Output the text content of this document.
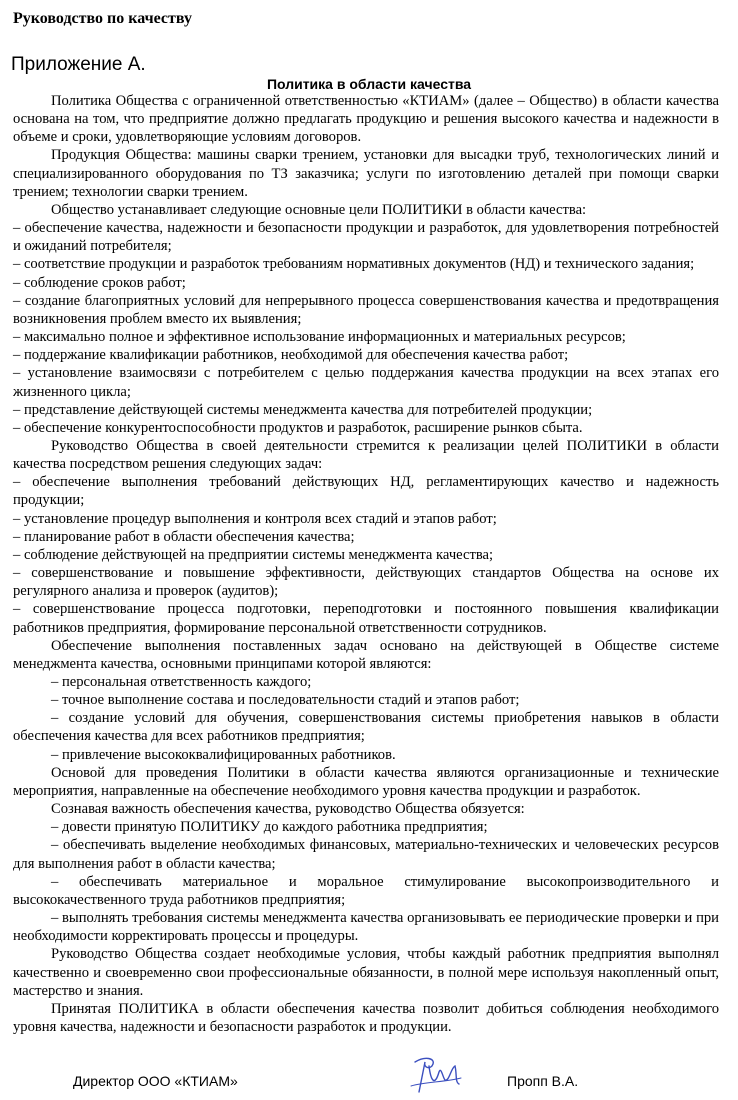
Руководство по качеству
Приложение А.
Политика в области качества

Политика Общества с ограниченной ответственностью «КТИАМ» (далее – Общество) в области качества основана на том, что предприятие должно предлагать продукцию и решения высокого качества и надежности в объеме и сроки, удовлетворяющие условиям договоров.

Продукция Общества: машины сварки трением, установки для высадки труб, технологических линий и специализированного оборудования по ТЗ заказчика; услуги по изготовлению деталей при помощи сварки трением; технологии сварки трением.

Общество устанавливает следующие основные цели ПОЛИТИКИ в области качества:

– обеспечение качества, надежности и безопасности продукции и разработок, для удовлетворения потребностей и ожиданий потребителя;

– соответствие продукции и разработок требованиям нормативных документов (НД) и технического задания;

– соблюдение сроков работ;

– создание благоприятных условий для непрерывного процесса совершенствования качества и предотвращения возникновения проблем вместо их выявления;

– максимально полное и эффективное использование информационных и материальных ресурсов;

– поддержание квалификации работников, необходимой для обеспечения качества работ;

– установление взаимосвязи с потребителем с целью поддержания качества продукции на всех этапах его жизненного цикла;

– представление действующей системы менеджмента качества для потребителей продукции;

– обеспечение конкурентоспособности продуктов и разработок, расширение рынков сбыта.

Руководство Общества в своей деятельности стремится к реализации целей ПОЛИТИКИ в области качества посредством решения следующих задач:

– обеспечение выполнения требований действующих НД, регламентирующих качество и надежность продукции;

– установление процедур выполнения и контроля всех стадий и этапов работ;

– планирование работ в области обеспечения качества;

– соблюдение действующей на предприятии системы менеджмента качества;

– совершенствование и повышение эффективности, действующих стандартов Общества на основе их регулярного анализа и проверок (аудитов);

– совершенствование процесса подготовки, переподготовки и постоянного повышения квалификации работников предприятия, формирование персональной ответственности сотрудников.

Обеспечение выполнения поставленных задач основано на действующей в Обществе системе менеджмента качества, основными принципами которой являются:

– персональная ответственность каждого;

– точное выполнение состава и последовательности стадий и этапов работ;

– создание условий для обучения, совершенствования системы приобретения навыков в области обеспечения качества для всех работников предприятия;

– привлечение высококвалифицированных работников.

Основой для проведения Политики в области качества являются организационные и технические мероприятия, направленные на обеспечение необходимого уровня качества продукции и разработок.

Сознавая важность обеспечения качества, руководство Общества обязуется:

– довести принятую ПОЛИТИКУ до каждого работника предприятия;

– обеспечивать выделение необходимых финансовых, материально-технических и человеческих ресурсов для выполнения работ в области качества;

– обеспечивать материальное и моральное стимулирование высокопроизводительного и высококачественного труда работников предприятия;

– выполнять требования системы менеджмента качества организовывать ее периодические проверки и при необходимости корректировать процессы и процедуры.

Руководство Общества создает необходимые условия, чтобы каждый работник предприятия выполнял качественно и своевременно свои профессиональные обязанности, в полной мере используя накопленный опыт, мастерство и знания.

Принятая ПОЛИТИКА в области обеспечения качества позволит добиться соблюдения необходимого уровня качества, надежности и безопасности разработок и продукции.

Директор ООО «КТИАМ»	Пропп В.А.
